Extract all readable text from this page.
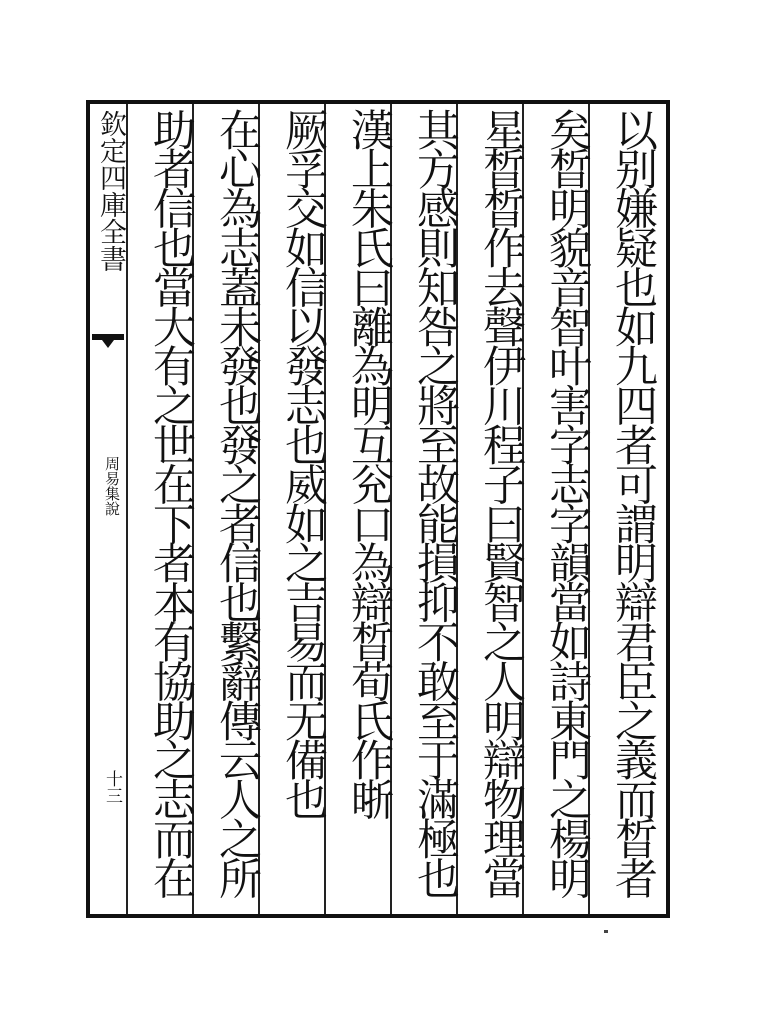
欽定四庫全書
周易集說
十三	以别嫌疑也如九四者可謂明辯君臣之義而晳者
矣晳明貌音智叶害字志字韻當如詩東門之楊明
星晳晳作去聲伊川程子曰賢智之人明辯物理當
其方感則知咎之將至故能損抑不敢至于滿極也
漢上朱氏曰離為明互兊口為辯晳荀氏作晣
厥孚交如信以發志也威如之吉易而无備也
在心為志蓋未發也發之者信也繫辭傳云人之所
助者信也當大有之世在下者本有協助之志而在
